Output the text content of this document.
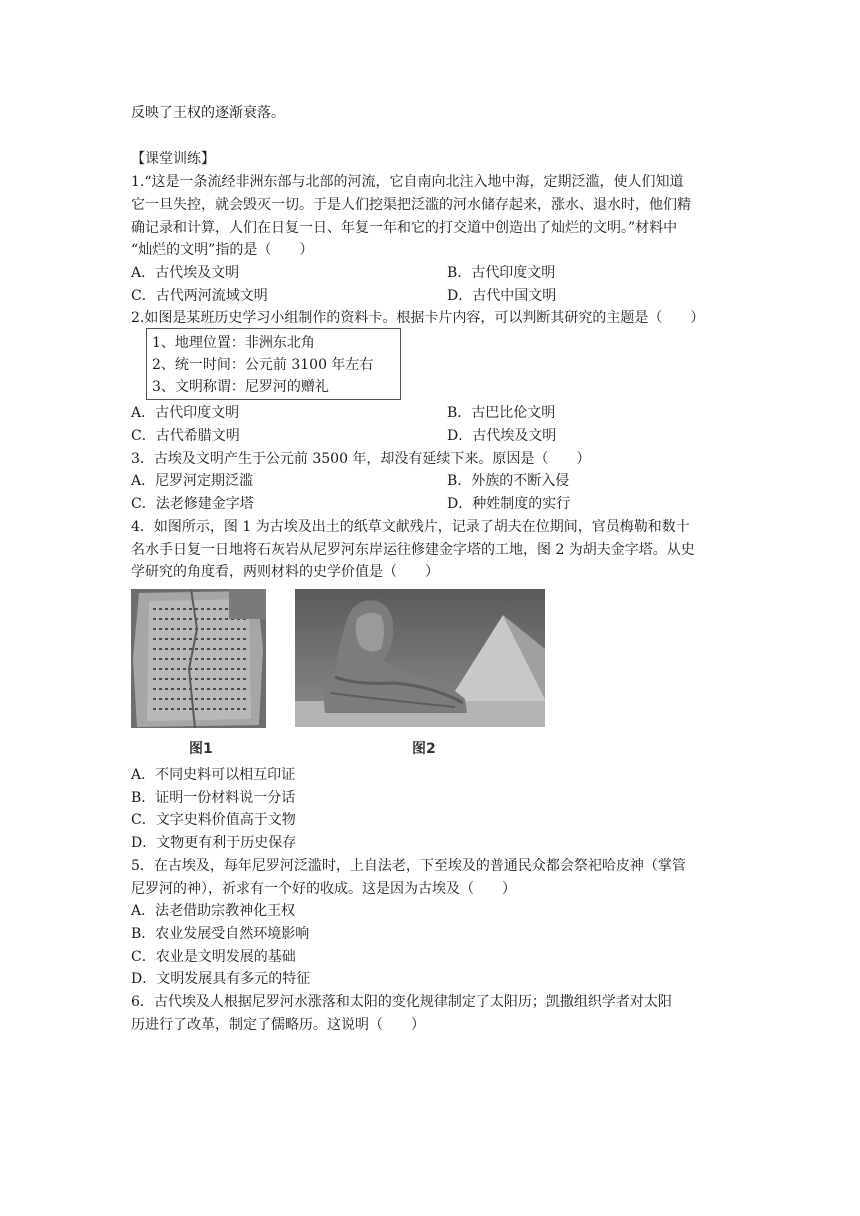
反映了王权的逐渐衰落。
【课堂训练】
1.“这是一条流经非洲东部与北部的河流，它自南向北注入地中海，定期泛滥，使人们知道
它一旦失控，就会毁灭一切。于是人们挖渠把泛滥的河水储存起来，涨水、退水时，他们精
确记录和计算，人们在日复一日、年复一年和它的打交道中创造出了灿烂的文明。”材料中
“灿烂的文明”指的是（　　）
A．古代埃及文明	B．古代印度文明
C．古代两河流域文明	D．古代中国文明
2.如图是某班历史学习小组制作的资料卡。根据卡片内容，可以判断其研究的主题是（　　）
1、地理位置：非洲东北角
2、统一时间：公元前 3100 年左右
3、文明称谓：尼罗河的赠礼
A．古代印度文明	B．古巴比伦文明
C．古代希腊文明	D．古代埃及文明
3．古埃及文明产生于公元前 3500 年，却没有延续下来。原因是（　　）
A．尼罗河定期泛滥	B．外族的不断入侵
C．法老修建金字塔	D．种姓制度的实行
4．如图所示，图 1 为古埃及出土的纸草文献残片，记录了胡夫在位期间，官员梅勒和数十
名水手日复一日地将石灰岩从尼罗河东岸运往修建金字塔的工地，图 2 为胡夫金字塔。从史
学研究的角度看，两则材料的史学价值是（　　）
图1	图2
A．不同史料可以相互印证
B．证明一份材料说一分话
C．文字史料价值高于文物
D．文物更有利于历史保存
5．在古埃及，每年尼罗河泛滥时，上自法老，下至埃及的普通民众都会祭祀哈皮神（掌管
尼罗河的神），祈求有一个好的收成。这是因为古埃及（　　）
A．法老借助宗教神化王权
B．农业发展受自然环境影响
C．农业是文明发展的基础
D．文明发展具有多元的特征
6．古代埃及人根据尼罗河水涨落和太阳的变化规律制定了太阳历；凯撒组织学者对太阳
历进行了改革，制定了儒略历。这说明（　　）
